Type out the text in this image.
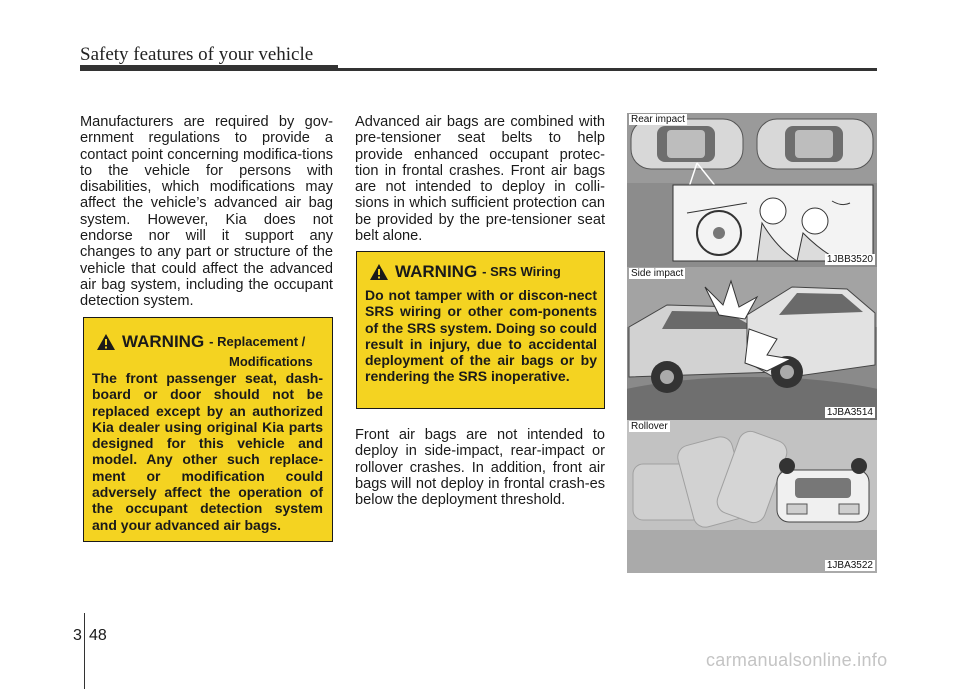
Safety features of your vehicle

Manufacturers are required by gov-ernment regulations to provide a contact point concerning modifica-tions to the vehicle for persons with disabilities, which modifications may affect the vehicle’s advanced air bag system. However, Kia does not endorse nor will it support any changes to any part or structure of the vehicle that could affect the advanced air bag system, including the occupant detection system.

WARNING - Replacement /
Modifications

The front passenger seat, dash-board or door should not be replaced except by an authorized Kia dealer using original Kia parts designed for this vehicle and model. Any other such replace-ment or modification could adversely affect the operation of the occupant detection system and your advanced air bags.

Advanced air bags are combined with pre-tensioner seat belts to help provide enhanced occupant protec-tion in frontal crashes. Front air bags are not intended to deploy in colli-sions in which sufficient protection can be provided by the pre-tensioner seat belt alone.

WARNING - SRS Wiring

Do not tamper with or discon-nect SRS wiring or other com-ponents of the SRS system. Doing so could result in injury, due to accidental deployment of the air bags or by rendering the SRS inoperative.

Front air bags are not intended to deploy in side-impact, rear-impact or rollover crashes. In addition, front air bags will not deploy in frontal crash-es below the deployment threshold.

Rear impact
1JBB3520
Side impact
1JBA3514
Rollover
1JBA3522
3 48
carmanualsonline.info
